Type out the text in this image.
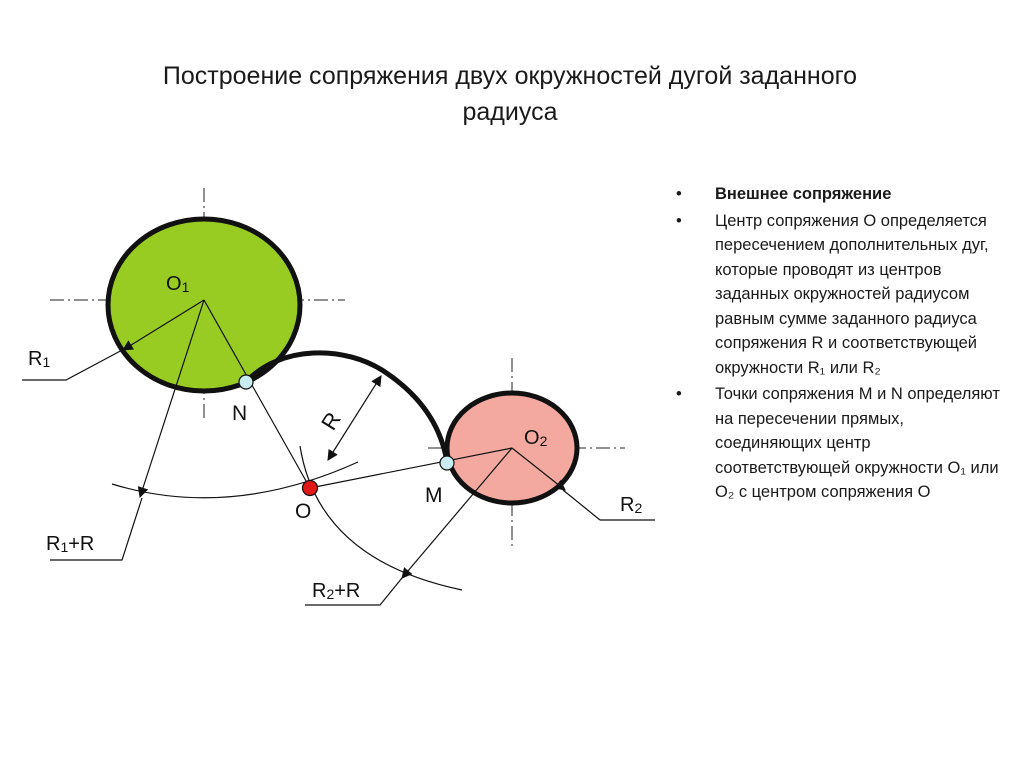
Построение сопряжения двух окружностей дугой заданного
радиуса
O1
O2
R1
R2
R1+R
R2+R
N
M
O
R
• Внешнее сопряжение
• Центр сопряжения О определяется пересечением дополнительных дуг, которые проводят из центров заданных окружностей радиусом равным сумме заданного радиуса сопряжения R и соответствующей окружности R₁ или R₂
• Точки сопряжения M и N определяют на пересечении прямых, соединяющих центр соответствующей окружности О₁ или О₂ с центром сопряжения О
